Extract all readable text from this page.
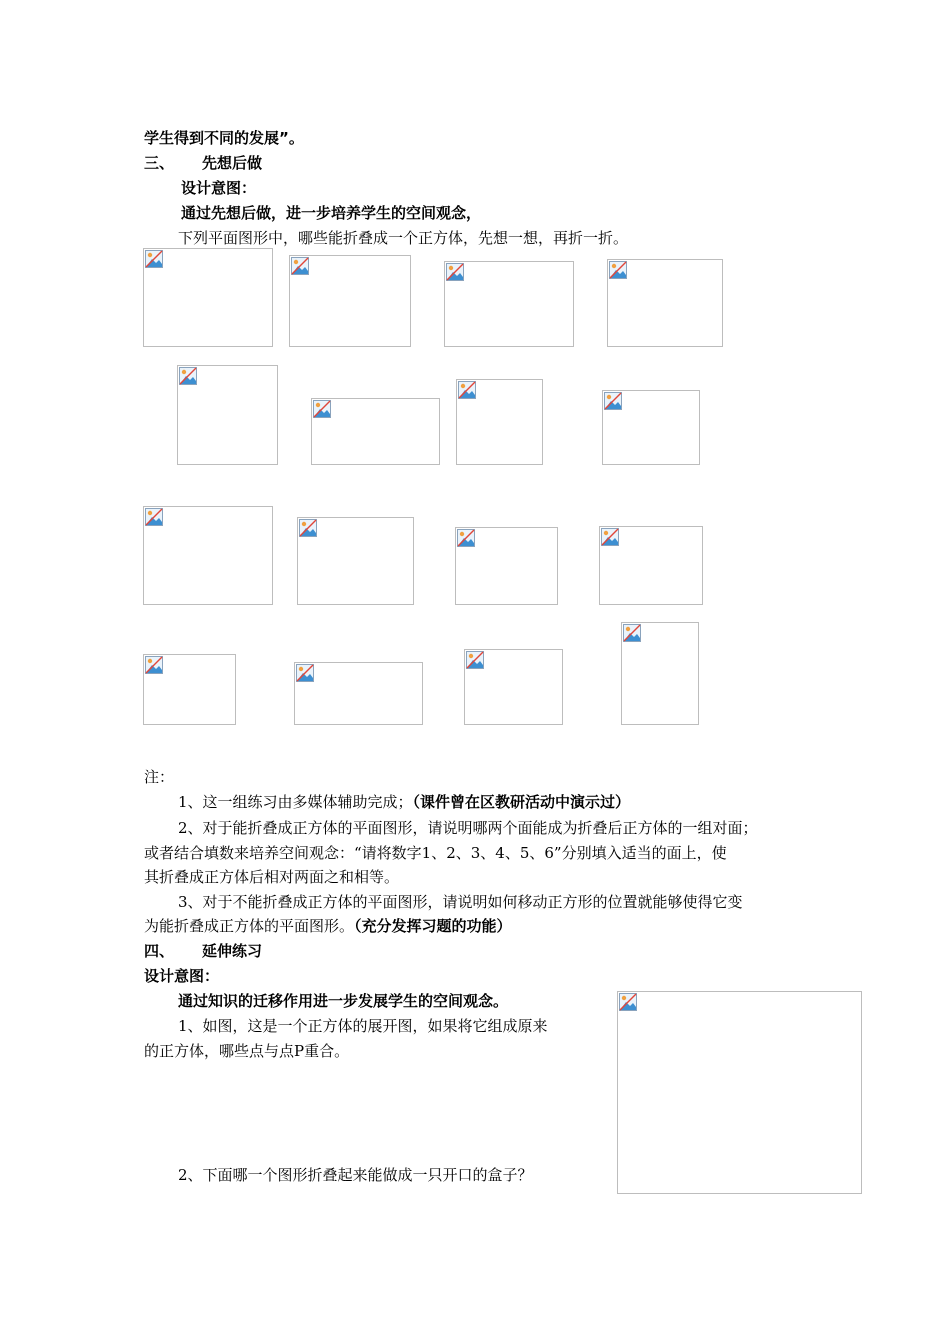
学生得到不同的发展”。
三、 先想后做
设计意图：
通过先想后做，进一步培养学生的空间观念，
下列平面图形中，哪些能折叠成一个正方体，先想一想，再折一折。
注：
1、这一组练习由多媒体辅助完成；（课件曾在区教研活动中演示过）
2、对于能折叠成正方体的平面图形，请说明哪两个面能成为折叠后正方体的一组对面；
或者结合填数来培养空间观念：“请将数字1、2、3、4、5、6”分别填入适当的面上，使
其折叠成正方体后相对两面之和相等。
3、对于不能折叠成正方体的平面图形，请说明如何移动正方形的位置就能够使得它变
为能折叠成正方体的平面图形。（充分发挥习题的功能）
四、 延伸练习
设计意图：
通过知识的迁移作用进一步发展学生的空间观念。
1、如图，这是一个正方体的展开图，如果将它组成原来
的正方体，哪些点与点P重合。
2、下面哪一个图形折叠起来能做成一只开口的盒子？
